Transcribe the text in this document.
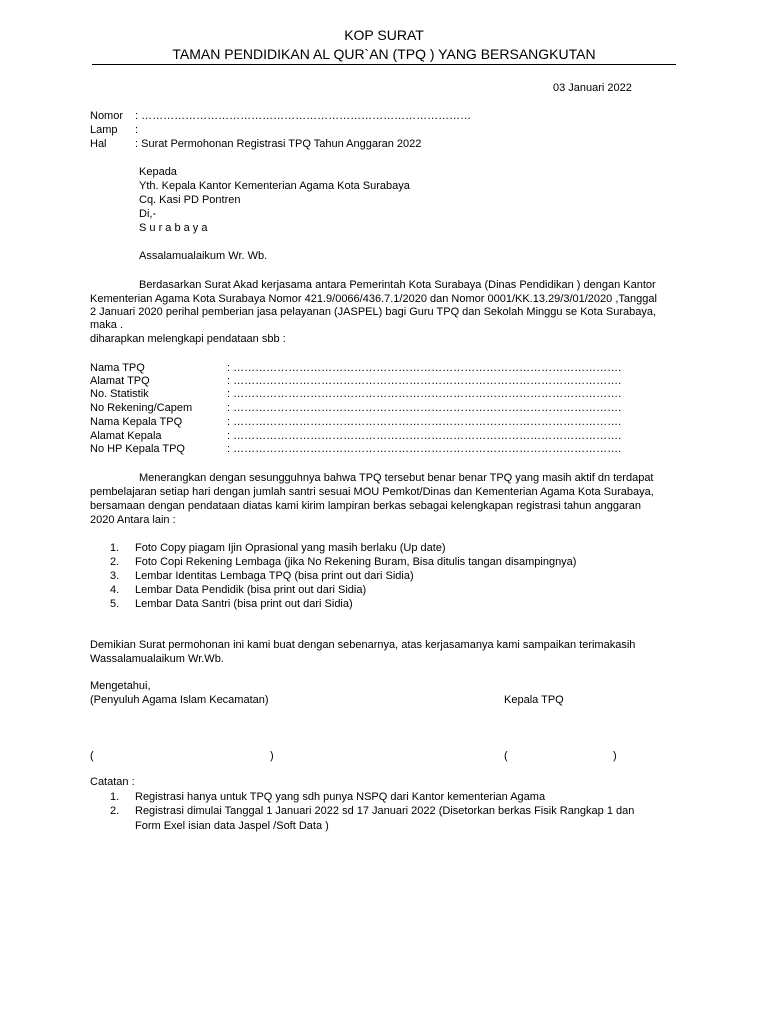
KOP SURAT
TAMAN PENDIDIKAN AL QUR`AN (TPQ ) YANG BERSANGKUTAN
03 Januari 2022
Nomor : ………………………………………………………………………………
Lamp :
Hal	: Surat Permohonan Registrasi TPQ Tahun Anggaran 2022
Kepada
Yth. Kepala Kantor Kementerian Agama Kota Surabaya
Cq. Kasi PD Pontren
Di,-
S u r a b a y a
Assalamualaikum Wr. Wb.
Berdasarkan Surat Akad kerjasama antara Pemerintah Kota Surabaya (Dinas Pendidikan ) dengan Kantor
Kementerian Agama Kota Surabaya Nomor 421.9/0066/436.7.1/2020 dan Nomor 0001/KK.13.29/3/01/2020 ,Tanggal
2 Januari 2020 perihal pemberian jasa pelayanan (JASPEL) bagi Guru TPQ dan Sekolah Minggu se Kota Surabaya,
maka .
diharapkan melengkapi pendataan sbb :
Nama TPQ	: …………………………………………………………………………………………….
Alamat TPQ	: …………………………………………………………………………………………….
No. Statistik	: …………………………………………………………………………………………….
No Rekening/Capem	: …………………………………………………………………………………………….
Nama Kepala TPQ	: …………………………………………………………………………………………….
Alamat Kepala	: …………………………………………………………………………………………….
No HP Kepala TPQ	: …………………………………………………………………………………………….
Menerangkan dengan sesungguhnya bahwa TPQ tersebut benar benar TPQ yang masih aktif dn terdapat
pembelajaran setiap hari dengan jumlah santri sesuai MOU Pemkot/Dinas dan Kementerian Agama Kota Surabaya,
bersamaan dengan pendataan diatas kami kirim lampiran berkas sebagai kelengkapan registrasi tahun anggaran
2020 Antara lain :
1. Foto Copy piagam Ijin Oprasional yang masih berlaku (Up date)
2. Foto Copi Rekening Lembaga (jika No Rekening Buram, Bisa ditulis tangan disampingnya)
3. Lembar Identitas Lembaga TPQ (bisa print out dari Sidia)
4. Lembar Data Pendidik (bisa print out dari Sidia)
5. Lembar Data Santri (bisa print out dari Sidia)
Demikian Surat permohonan ini kami buat dengan sebenarnya, atas kerjasamanya kami sampaikan terimakasih
Wassalamualaikum Wr.Wb.
Mengetahui,
(Penyuluh Agama Islam Kecamatan)	Kepala TPQ
(	)	(	)
Catatan :
1. Registrasi hanya untuk TPQ yang sdh punya NSPQ dari Kantor kementerian Agama
2. Registrasi dimulai Tanggal 1 Januari 2022 sd 17 Januari 2022 (Disetorkan berkas Fisik Rangkap 1 dan
Form Exel isian data Jaspel /Soft Data )
